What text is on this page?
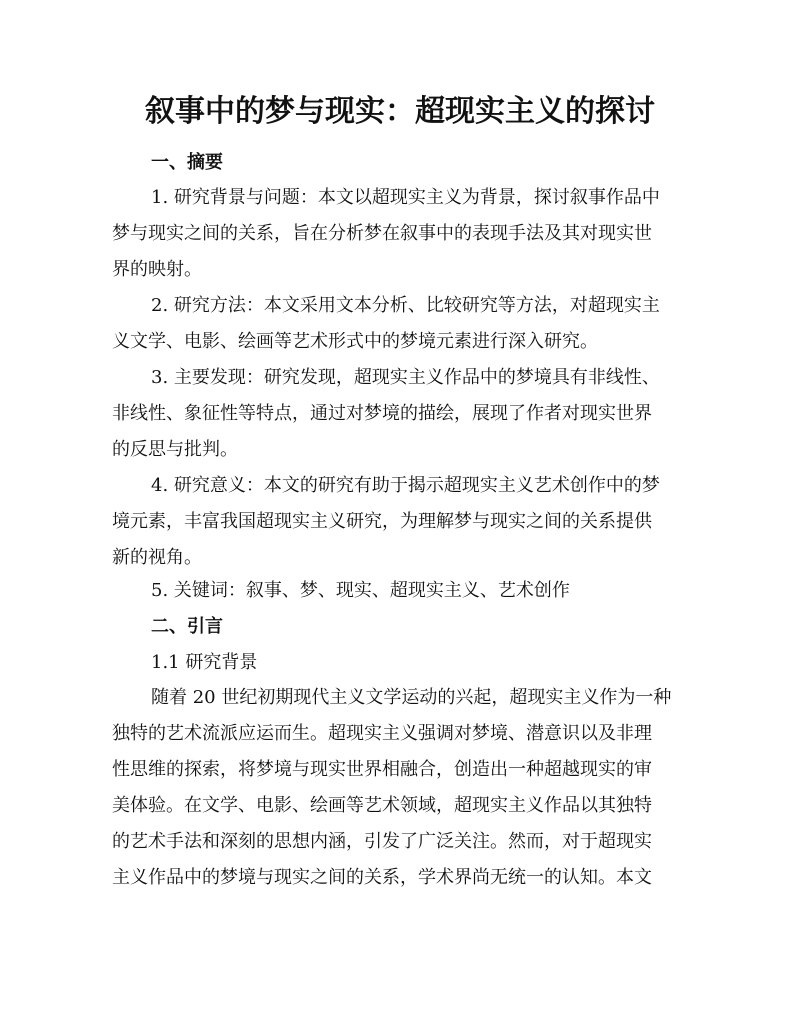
叙事中的梦与现实：超现实主义的探讨
一、摘要
1. 研究背景与问题：本文以超现实主义为背景，探讨叙事作品中
梦与现实之间的关系，旨在分析梦在叙事中的表现手法及其对现实世
界的映射。
2. 研究方法：本文采用文本分析、比较研究等方法，对超现实主
义文学、电影、绘画等艺术形式中的梦境元素进行深入研究。
3. 主要发现：研究发现，超现实主义作品中的梦境具有非线性、
非线性、象征性等特点，通过对梦境的描绘，展现了作者对现实世界
的反思与批判。
4. 研究意义：本文的研究有助于揭示超现实主义艺术创作中的梦
境元素，丰富我国超现实主义研究，为理解梦与现实之间的关系提供
新的视角。
5. 关键词：叙事、梦、现实、超现实主义、艺术创作
二、引言
1.1 研究背景
随着 20 世纪初期现代主义文学运动的兴起，超现实主义作为一种
独特的艺术流派应运而生。超现实主义强调对梦境、潜意识以及非理
性思维的探索，将梦境与现实世界相融合，创造出一种超越现实的审
美体验。在文学、电影、绘画等艺术领域，超现实主义作品以其独特
的艺术手法和深刻的思想内涵，引发了广泛关注。然而，对于超现实
主义作品中的梦境与现实之间的关系，学术界尚无统一的认知。本文
